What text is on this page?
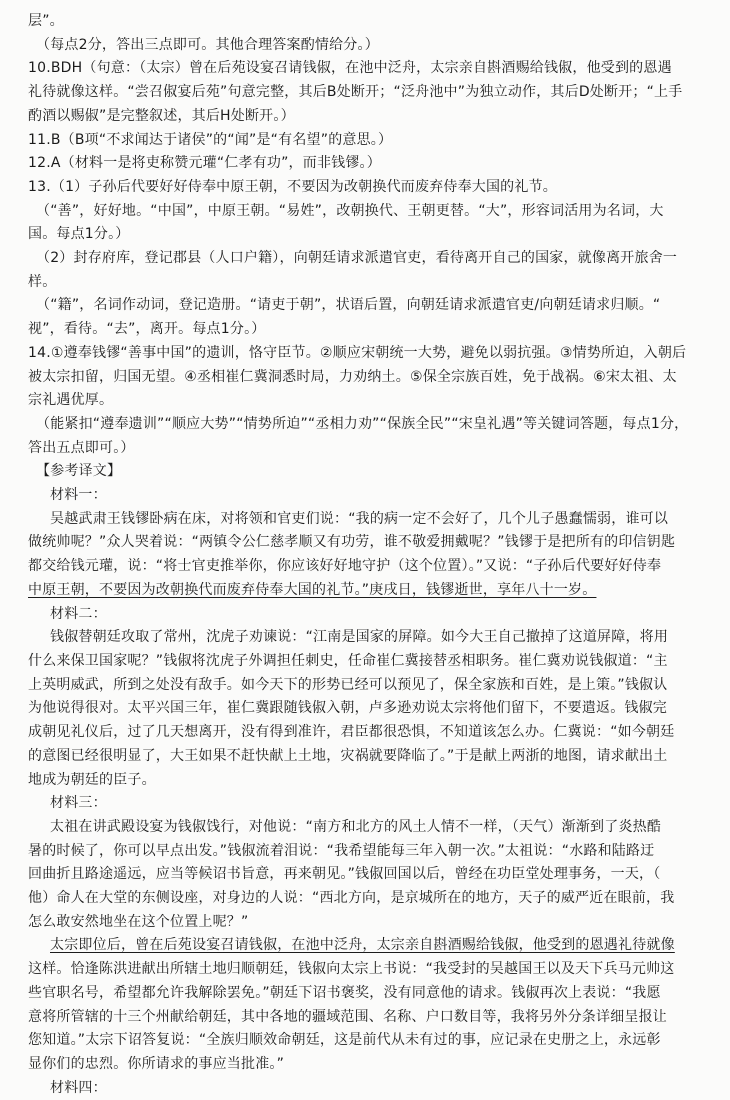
层”。
（每点2分，答出三点即可。其他合理答案酌情给分。）
10.BDH（句意：（太宗）曾在后苑设宴召请钱俶，在池中泛舟，太宗亲自斟酒赐给钱俶，他受到的恩遇
礼待就像这样。“尝召俶宴后苑”句意完整，其后B处断开；“泛舟池中”为独立动作，其后D处断开；“上手
酌酒以赐俶”是完整叙述，其后H处断开。）
11.B（B项“不求闻达于诸侯”的“闻”是“有名望”的意思。）
12.A（材料一是将吏称赞元瓘“仁孝有功”，而非钱镠。）
13.（1）子孙后代要好好侍奉中原王朝，不要因为改朝换代而废弃侍奉大国的礼节。
（“善”，好好地。“中国”，中原王朝。“易姓”，改朝换代、王朝更替。“大”，形容词活用为名词，大
国。每点1分。）
（2）封存府库，登记郡县（人口户籍），向朝廷请求派遣官吏，看待离开自己的国家，就像离开旅舍一
样。
（“籍”，名词作动词，登记造册。“请吏于朝”，状语后置，向朝廷请求派遣官吏/向朝廷请求归顺。“
视”，看待。“去”，离开。每点1分。）
14.①遵奉钱镠“善事中国”的遗训，恪守臣节。②顺应宋朝统一大势，避免以弱抗强。③情势所迫，入朝后
被太宗扣留，归国无望。④丞相崔仁冀洞悉时局，力劝纳土。⑤保全宗族百姓，免于战祸。⑥宋太祖、太
宗礼遇优厚。
（能紧扣“遵奉遗训”“顺应大势”“情势所迫”“丞相力劝”“保族全民”“宋皇礼遇”等关键词答题，每点1分，
答出五点即可。）
【参考译文】
材料一：
吴越武肃王钱镠卧病在床，对将领和官吏们说：“我的病一定不会好了，几个儿子愚蠢懦弱，谁可以
做统帅呢？”众人哭着说：“两镇令公仁慈孝顺又有功劳，谁不敬爱拥戴呢？”钱镠于是把所有的印信钥匙
都交给钱元瓘，说：“将士官吏推举你，你应该好好地守护（这个位置）。”又说：“子孙后代要好好侍奉
中原王朝，不要因为改朝换代而废弃侍奉大国的礼节。”庚戌日，钱镠逝世，享年八十一岁。
材料二：
钱俶替朝廷攻取了常州，沈虎子劝谏说：“江南是国家的屏障。如今大王自己撤掉了这道屏障，将用
什么来保卫国家呢？”钱俶将沈虎子外调担任刺史，任命崔仁冀接替丞相职务。崔仁冀劝说钱俶道：“主
上英明威武，所到之处没有敌手。如今天下的形势已经可以预见了，保全家族和百姓，是上策。”钱俶认
为他说得很对。太平兴国三年，崔仁冀跟随钱俶入朝，卢多逊劝说太宗将他们留下，不要遣返。钱俶完
成朝见礼仪后，过了几天想离开，没有得到准许，君臣都很恐惧，不知道该怎么办。仁冀说：“如今朝廷
的意图已经很明显了，大王如果不赶快献上土地，灾祸就要降临了。”于是献上两浙的地图，请求献出土
地成为朝廷的臣子。
材料三：
太祖在讲武殿设宴为钱俶饯行，对他说：“南方和北方的风土人情不一样，（天气）渐渐到了炎热酷
暑的时候了，你可以早点出发。”钱俶流着泪说：“我希望能每三年入朝一次。”太祖说：“水路和陆路迂
回曲折且路途遥远，应当等候诏书旨意，再来朝见。”钱俶回国以后，曾经在功臣堂处理事务，一天，（
他）命人在大堂的东侧设座，对身边的人说：“西北方向，是京城所在的地方，天子的威严近在眼前，我
怎么敢安然地坐在这个位置上呢？”
太宗即位后，曾在后苑设宴召请钱俶，在池中泛舟，太宗亲自斟酒赐给钱俶，他受到的恩遇礼待就像
这样。恰逢陈洪进献出所辖土地归顺朝廷，钱俶向太宗上书说：“我受封的吴越国王以及天下兵马元帅这
些官职名号，希望都允许我解除罢免。”朝廷下诏书褒奖，没有同意他的请求。钱俶再次上表说：“我愿
意将所管辖的十三个州献给朝廷，其中各地的疆域范围、名称、户口数目等，我将另外分条详细呈报让
您知道。”太宗下诏答复说：“全族归顺效命朝廷，这是前代从未有过的事，应记录在史册之上，永远彰
显你们的忠烈。你所请求的事应当批准。”
材料四：
